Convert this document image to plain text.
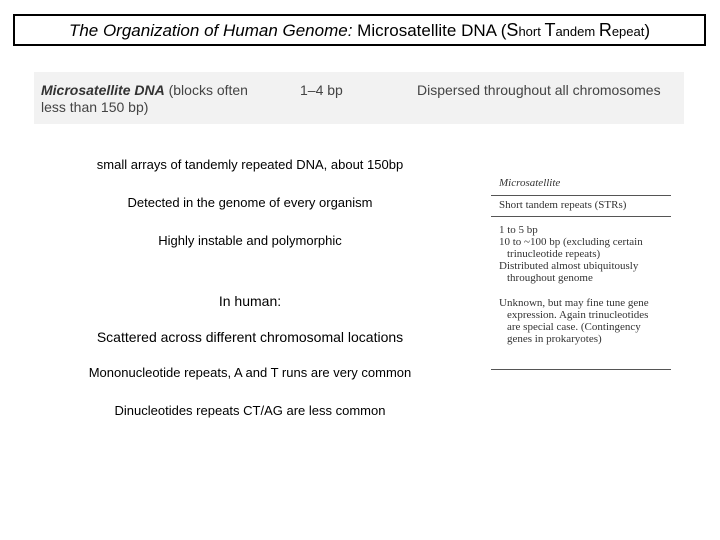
The Organization of Human Genome: Microsatellite DNA (Short Tandem Repeat)
Microsatellite DNA (blocks often
less than 150 bp)
1–4 bp	Dispersed throughout all chromosomes
small arrays of tandemly repeated DNA, about 150bp
Detected in the genome of every organism
Highly instable and polymorphic
In human:
Scattered across different chromosomal locations
Mononucleotide repeats, A and T runs are very common
Dinucleotides repeats CT/AG are less common
Microsatellite
Short tandem repeats (STRs)
1 to 5 bp
10 to ~100 bp (excluding certain
trinucleotide repeats)
Distributed almost ubiquitously
throughout genome
Unknown, but may fine tune gene
expression. Again trinucleotides
are special case. (Contingency
genes in prokaryotes)
